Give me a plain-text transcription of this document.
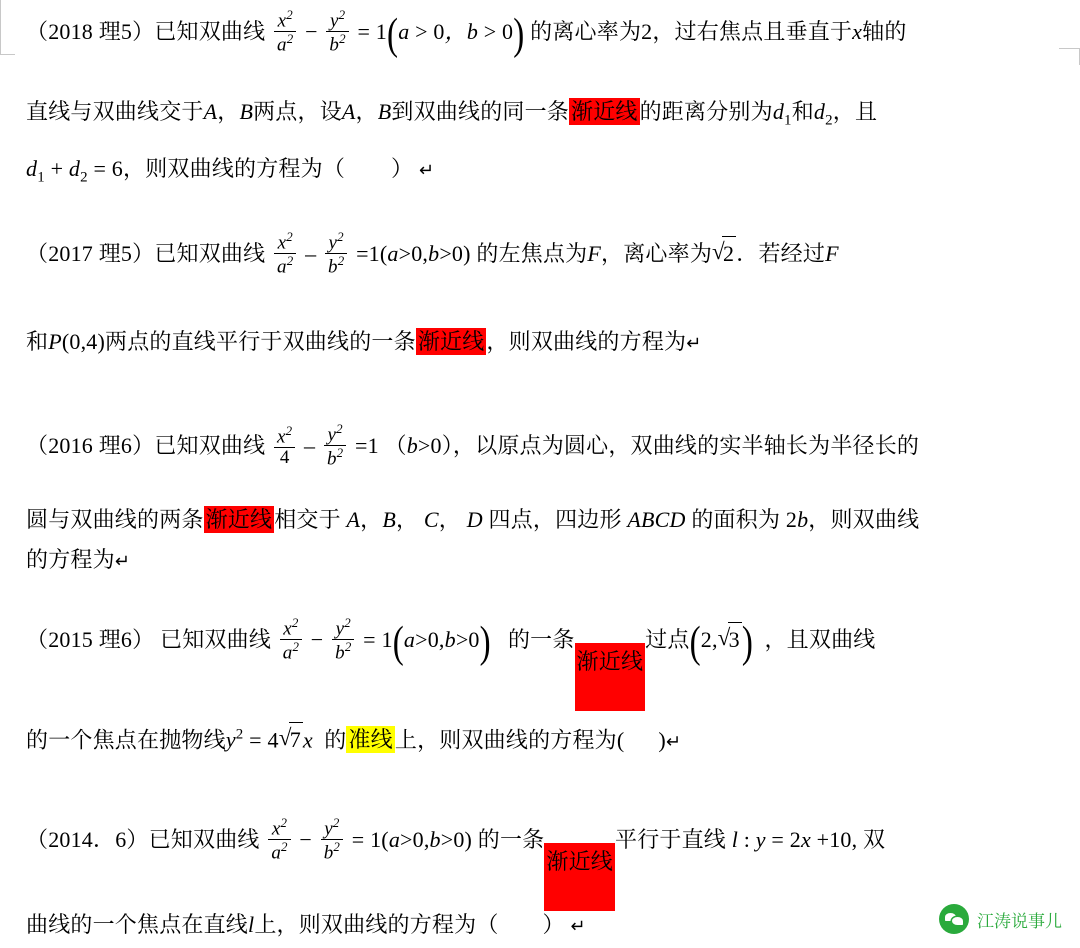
（2018 理5）已知双曲线 $\frac{x^2}{a^2} - \frac{y^2}{b^2} = 1(a > 0$，b > 0) 的离心率为2，过右焦点且垂直于x轴的
直线与双曲线交于A，B两点，设A，B到双曲线的同一条渐近线的距离分别为$d_1$和$d_2$，且
$d_1 + d_2 = 6$，则双曲线的方程为（ ） ↵
（2017 理5）已知双曲线 $\frac{x^2}{a^2} - \frac{y^2}{b^2} =1(a>0,b>0)$ 的左焦点为F，离心率为 √ 2．若经过F
和P(0,4)两点的直线平行于双曲线的一条渐近线，则双曲线的方程为↵
（2016 理6）已知双曲线 $\frac{x^2}{4} - \frac{y^2}{b^2} =1$ （b>0），以原点为圆心，双曲线的实半轴长为半径长的
圆与双曲线的两条渐近线相交于 A，B， C， D 四点，四边形 ABCD 的面积为 2b，则双曲线
的方程为↵
（2015 理6） 已知双曲线 $\frac{x^2}{a^2} - \frac{y^2}{b^2} = 1(a>0,b>0)$ 的一条渐近线过点(2, √ 3) ，且双曲线
的一个焦点在抛物线$y^2 = 4$ √ 7x 的准线上，则双曲线的方程为( )↵
（2014．6）已知双曲线 $\frac{x^2}{a^2} - \frac{y^2}{b^2} = 1(a>0,b>0)$ 的一条渐近线平行于直线 l : y = 2x +10, 双
曲线的一个焦点在直线l上，则双曲线的方程为（ ） ↵	江涛说事儿
